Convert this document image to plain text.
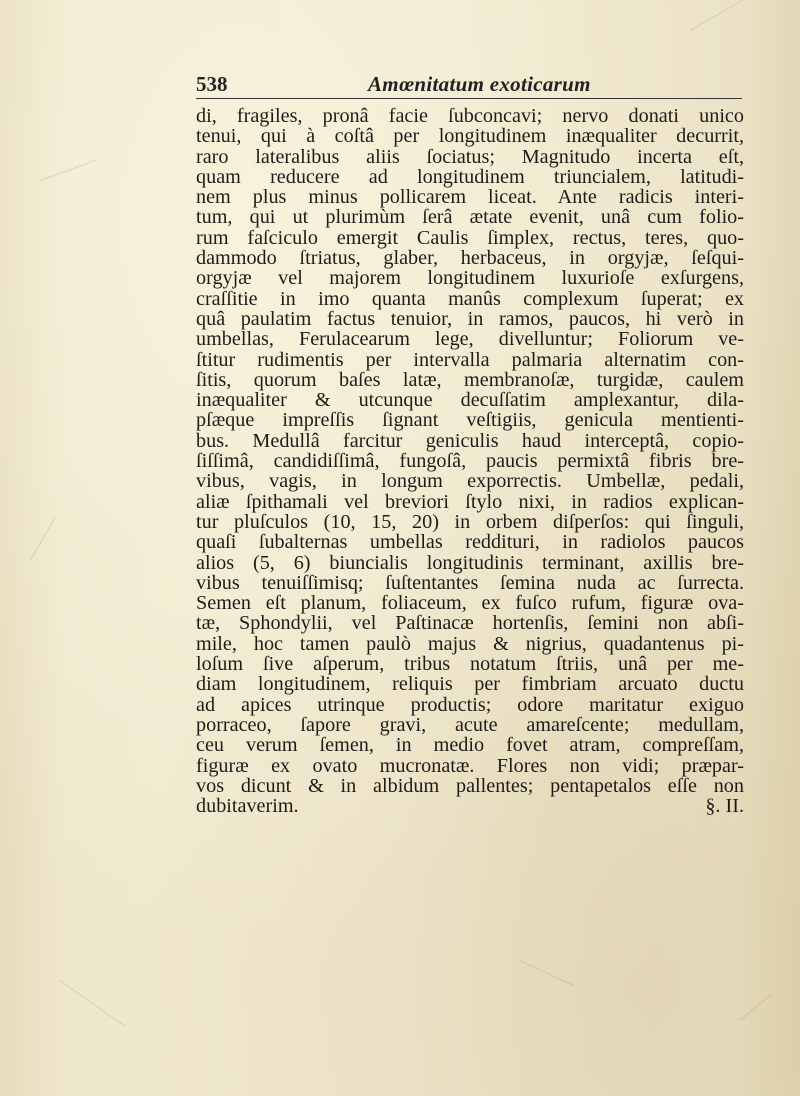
538	Amœnitatum exoticarum
di, fragiles, pronâ facie ſubconcavi; nervo donati unico
tenui, qui à coſtâ per longitudinem inæqualiter decurrit,
raro lateralibus aliis ſociatus; Magnitudo incerta eſt,
quam reducere ad longitudinem triuncialem, latitudi-
nem plus minus pollicarem liceat. Ante radicis interi-
tum, qui ut plurimùm ſerâ ætate evenit, unâ cum folio-
rum faſciculo emergit Caulis ſimplex, rectus, teres, quo-
dammodo ſtriatus, glaber, herbaceus, in orgyjæ, ſeſqui-
orgyjæ vel majorem longitudinem luxurioſe exſurgens,
craſſitie in imo quanta manûs complexum ſuperat; ex
quâ paulatim factus tenuior, in ramos, paucos, hi verò in
umbellas, Ferulacearum lege, divelluntur; Foliorum ve-
ſtitur rudimentis per intervalla palmaria alternatim con-
ſitis, quorum baſes latæ, membranoſæ, turgidæ, caulem
inæqualiter & utcunque decuſſatim amplexantur, dila-
pſæque impreſſis ſignant veſtigiis, genicula mentienti-
bus. Medullâ farcitur geniculis haud interceptâ, copio-
ſiſſimâ, candidiſſimâ, fungoſâ, paucis permixtâ fibris bre-
vibus, vagis, in longum exporrectis. Umbellæ, pedali,
aliæ ſpithamali vel breviori ſtylo nixi, in radios explican-
tur pluſculos (10, 15, 20) in orbem diſperſos: qui ſinguli,
quaſi ſubalternas umbellas reddituri, in radiolos paucos
alios (5, 6) biuncialis longitudinis terminant, axillis bre-
vibus tenuiſſimisq; ſuſtentantes ſemina nuda ac ſurrecta.
Semen eſt planum, foliaceum, ex fuſco rufum, figuræ ova-
tæ, Sphondylii, vel Paſtinacæ hortenſis, ſemini non abſi-
mile, hoc tamen paulò majus & nigrius, quadantenus pi-
loſum ſive aſperum, tribus notatum ſtriis, unâ per me-
diam longitudinem, reliquis per fimbriam arcuato ductu
ad apices utrinque productis; odore maritatur exiguo
porraceo, ſapore gravi, acute amareſcente; medullam,
ceu verum ſemen, in medio fovet atram, compreſſam,
figuræ ex ovato mucronatæ. Flores non vidi; præpar-
vos dicunt & in albidum pallentes; pentapetalos eſſe non
dubitaverim.	§. II.
